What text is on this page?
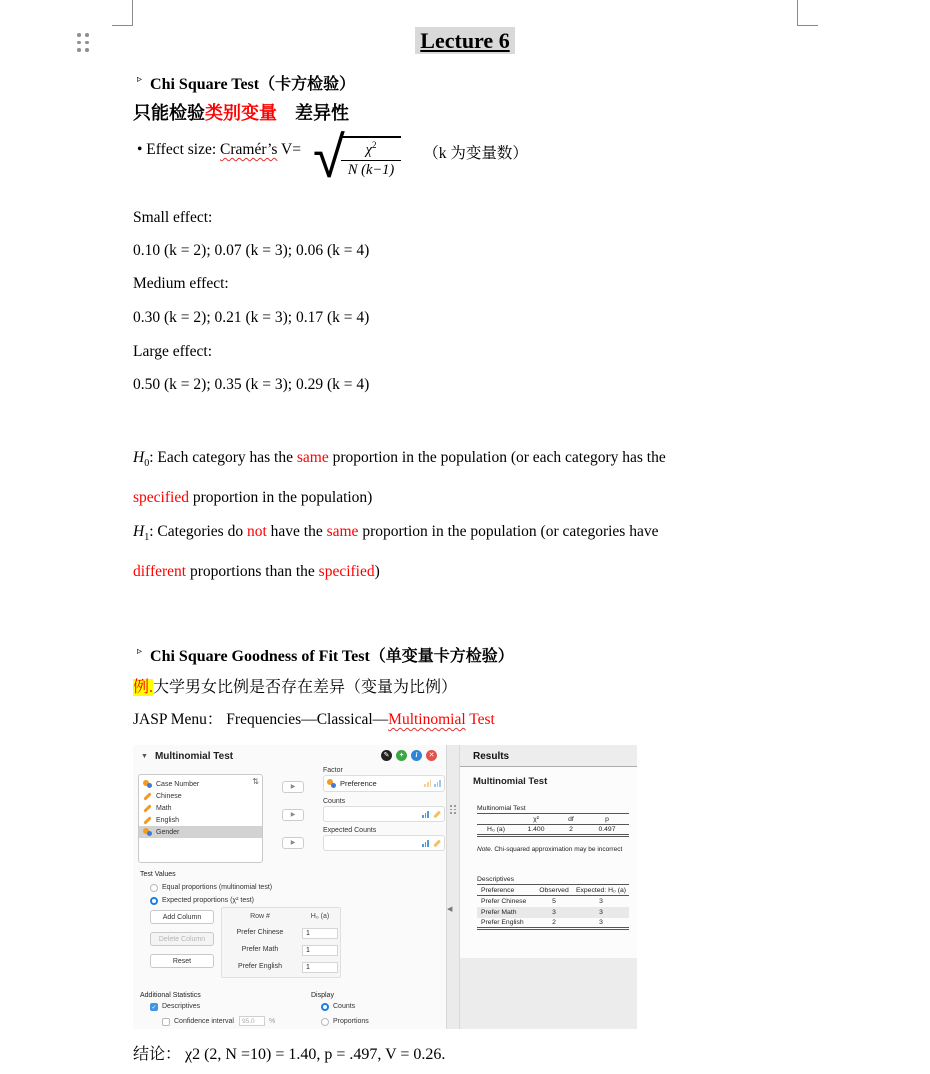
Lecture 6
▹ Chi Square Test（卡方检验）
只能检验类别变量　差异性
• Effect size: Cramér’s V= √
$\frac{\chi^2}{N (k-1)} (k$ 为变量数）
Small effect:
0.10 (k = 2); 0.07 (k = 3); 0.06 (k = 4)
Medium effect:
0.30 (k = 2); 0.21 (k = 3); 0.17 (k = 4)
Large effect:
0.50 (k = 2); 0.35 (k = 3); 0.29 (k = 4)
$H_0$: Each category has the same proportion in the population (or each category has the
specified proportion in the population)
$H_1$: Categories do not have the same proportion in the population (or categories have
different proportions than the specified)
▹ Chi Square Goodness of Fit Test（单变量卡方检验）
例.大学男女比例是否存在差异（变量为比例）
JASP Menu： Frequencies—Classical—Multinomial Test
▼ Multinomial Test	✎	+	i	✕
⇅
Case Number
Chinese
Math
English
Gender
▶
▶
▶
Factor
Preference
Counts
Expected Counts
Test Values
Equal proportions (multinomial test)
Expected proportions (χ² test)
Add Column
Delete Column
Reset
Row #	H₀ (a)
Prefer Chinese	1
Prefer Math	1
Prefer English	1
Additional Statistics
✓ Descriptives
Confidence interval	95.0	%
Display
Counts
Proportions
◀
Results
Multinomial Test
Multinomial Test
	χ²	df	p
H₀ (a)	1.400	2	0.497
Note. Chi-squared approximation may be incorrect
Descriptives
Preference	Observed	Expected: H₀ (a)
Prefer Chinese	5	3
Prefer Math	3	3
Prefer English	2	3
结论： χ2 (2, N =10) = 1.40, p = .497, V = 0.26.
